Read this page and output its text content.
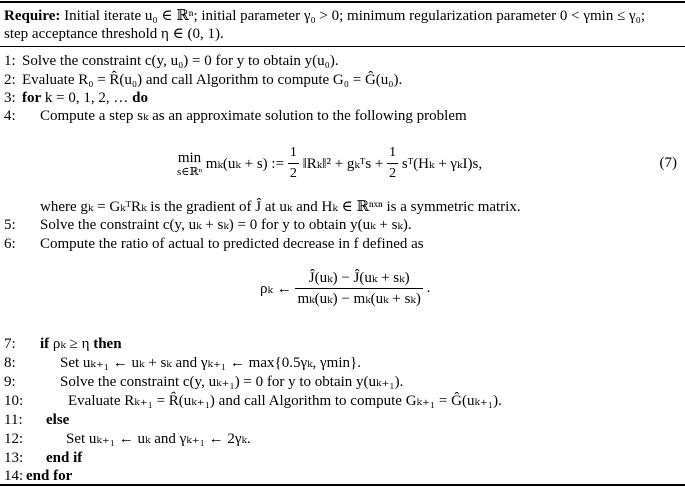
Require: Initial iterate u₀ ∈ ℝⁿ; initial parameter γ₀ > 0; minimum regularization parameter 0 < γmin ≤ γ₀;
step acceptance threshold η ∈ (0, 1).
1: Solve the constraint c(y, u₀) = 0 for y to obtain y(u₀).
2: Evaluate R₀ = R̂(u₀) and call Algorithm to compute G₀ = Ĝ(u₀).
3: for k = 0, 1, 2, … do
4:	Compute a step sₖ as an approximate solution to the following problem
min
s∈ℝⁿ mₖ(uₖ + s) := $\frac{1}{2}$ ‖Rₖ‖² + gₖᵀs + $\frac{1}{2}$ sᵀ(Hₖ + γₖI)s,	(7)
where gₖ = GₖᵀRₖ is the gradient of Ĵ at uₖ and Hₖ ∈ ℝⁿˣⁿ is a symmetric matrix.
5:	Solve the constraint c(y, uₖ + sₖ) = 0 for y to obtain y(uₖ + sₖ).
6:	Compute the ratio of actual to predicted decrease in f defined as
ρₖ ← $\frac{\text{Ĵ(uₖ) − Ĵ(uₖ + sₖ)}}{\text{mₖ(uₖ) − mₖ(uₖ + sₖ)}}$ .
7:	if ρₖ ≥ η then
8:	Set uₖ₊₁ ← uₖ + sₖ and γₖ₊₁ ← max{0.5γₖ, γmin}.
9:	Solve the constraint c(y, uₖ₊₁) = 0 for y to obtain y(uₖ₊₁).
10:	Evaluate Rₖ₊₁ = R̂(uₖ₊₁) and call Algorithm to compute Gₖ₊₁ = Ĝ(uₖ₊₁).
11:	else
12:	Set uₖ₊₁ ← uₖ and γₖ₊₁ ← 2γₖ.
13:	end if
14: end for
